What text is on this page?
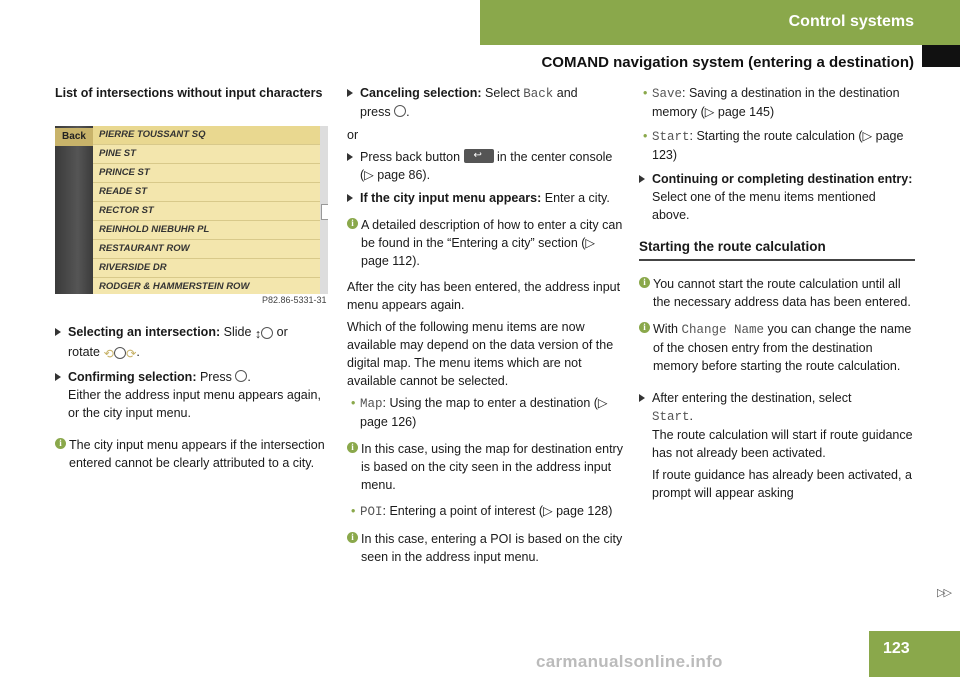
Control systems
COMAND navigation system (entering a destination)
List of intersections without input characters
Back	PIERRE TOUSSANT SQ
PINE ST
PRINCE ST
READE ST
RECTOR ST
REINHOLD NIEBUHR PL
RESTAURANT ROW
RIVERSIDE DR
RODGER & HAMMERSTEIN ROW
P82.86-5331-31
Selecting an intersection: Slide ↕ or
rotate ⟲ ⟳.
Confirming selection: Press .
Either the address input menu appears again, or the city input menu.
i The city input menu appears if the intersection entered cannot be clearly attributed to a city.
Canceling selection: Select Back and
press .

or

Press back button ↩	in the center console (▷ page 86).
If the city input menu appears: Enter a city.
i A detailed description of how to enter a city can be found in the “Entering a city” section (▷ page 112).

After the city has been entered, the address input menu appears again.

Which of the following menu items are now available may depend on the data version of the digital map. The menu items which are not available cannot be selected.

• Map: Using the map to enter a destination (▷ page 126)
i In this case, using the map for destination entry is based on the city seen in the address input menu.
• POI: Entering a point of interest (▷ page 128)
i In this case, entering a POI is based on the city seen in the address input menu.
• Save: Saving a destination in the destination memory (▷ page 145)
• Start: Starting the route calculation (▷ page 123)
Continuing or completing destination entry: Select one of the menu items mentioned above.
Starting the route calculation
i You cannot start the route calculation until all the necessary address data has been entered.
i With Change Name you can change the name of the chosen entry from the destination memory before starting the route calculation.
After entering the destination, select
Start.
The route calculation will start if route guidance has not already been activated.

If route guidance has already been activated, a prompt will appear asking

▷▷
carmanualsonline.info
123
